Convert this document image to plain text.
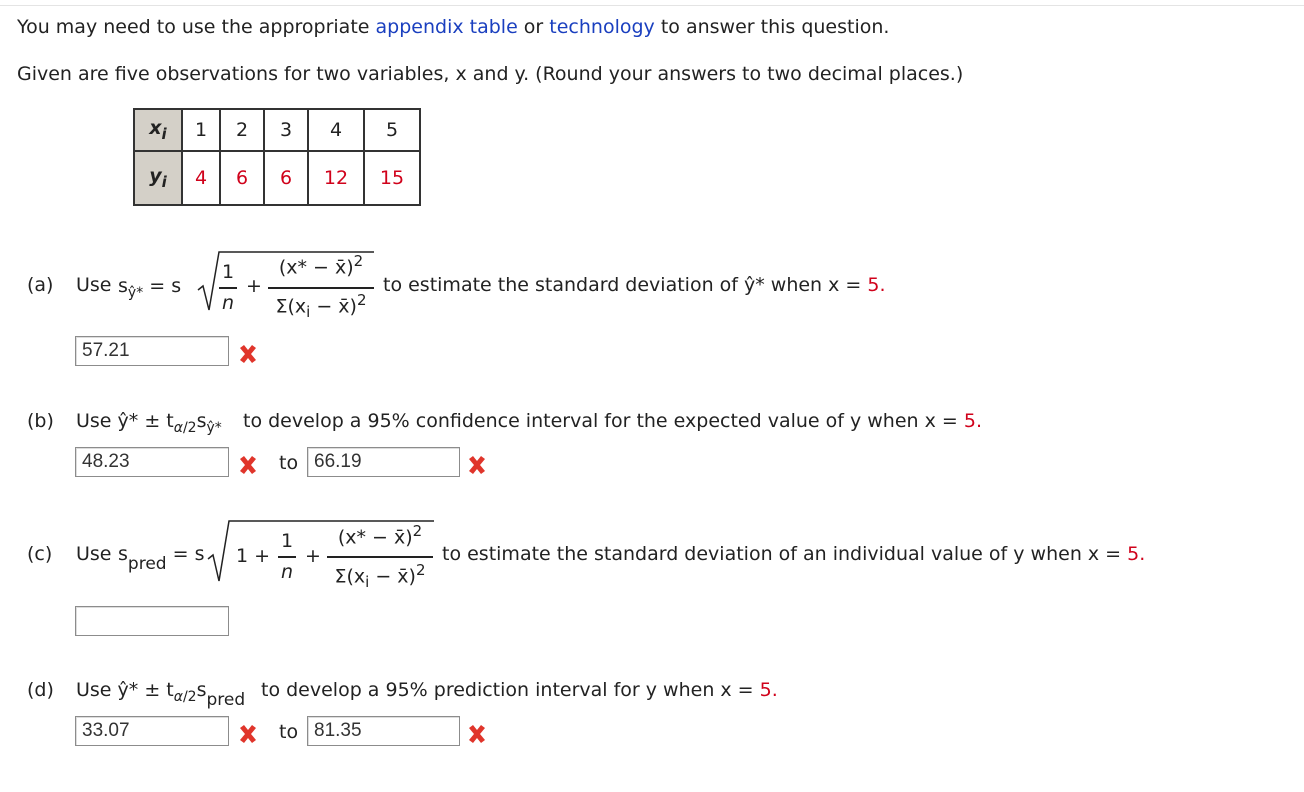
You may need to use the appropriate appendix table or technology to answer this question.
Given are five observations for two variables, x and y. (Round your answers to two decimal places.)
$x_i$	1	2	3	4	5
$y_i$	4	6	6	12	15
(a) Use $s_{ŷ*} = s$
1
n
+
(x* − x̄)$^2$
$\Sigma(x_i$ − x̄)$^2$
to estimate the standard deviation of ŷ* when x = 5.
57.21
(b) Use ŷ* ± $t_{\alpha/2}s_{ŷ*}$ to develop a 95% confidence interval for the expected value of y when x = 5.
48.23	to 66.19
(c) Use $s_{pred} = s$ 1 +
1
n
+
(x* − x̄)$^2$
$\Sigma(x_i$ − x̄)$^2$
to estimate the standard deviation of an individual value of y when x = 5.
(d) Use ŷ* ± $t_{\alpha/2}s_{pred}$ to develop a 95% prediction interval for y when x = 5.
33.07	to 81.35
